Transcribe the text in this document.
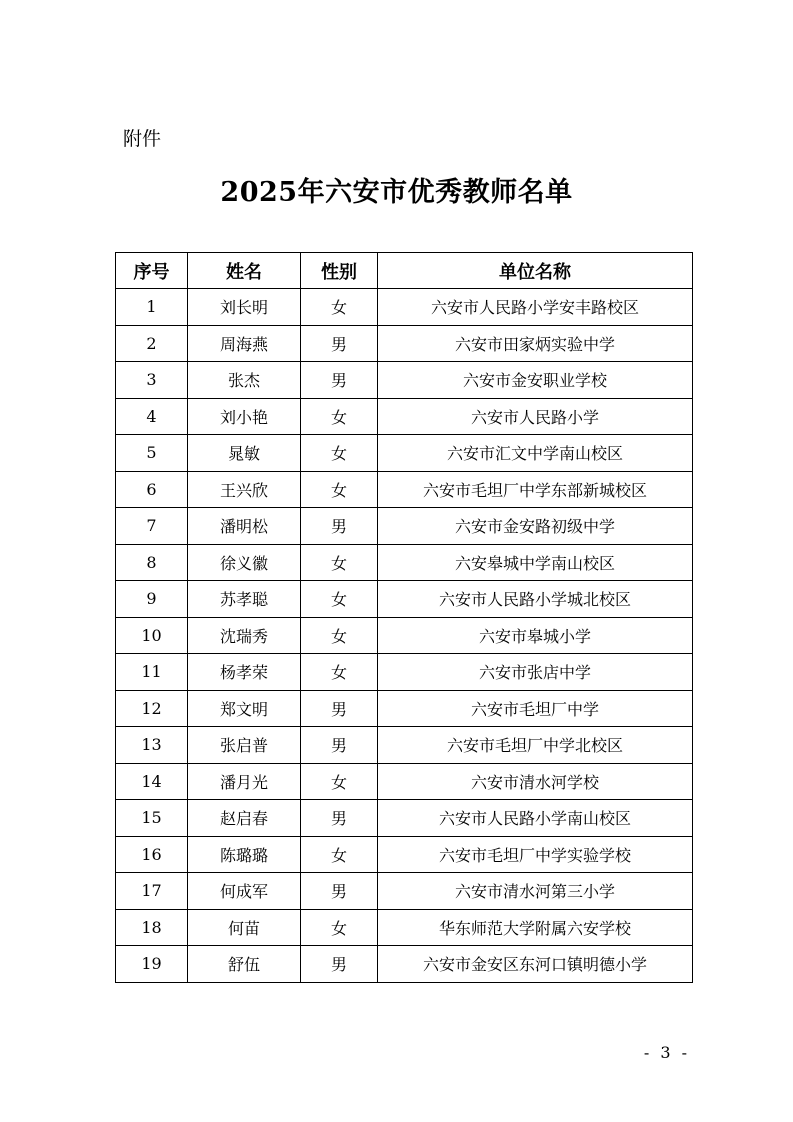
附件
2025年六安市优秀教师名单
序号	姓名	性别	单位名称
1	刘长明	女	六安市人民路小学安丰路校区
2	周海燕	男	六安市田家炳实验中学
3	张杰	男	六安市金安职业学校
4	刘小艳	女	六安市人民路小学
5	晁敏	女	六安市汇文中学南山校区
6	王兴欣	女	六安市毛坦厂中学东部新城校区
7	潘明松	男	六安市金安路初级中学
8	徐义徽	女	六安皋城中学南山校区
9	苏孝聪	女	六安市人民路小学城北校区
10	沈瑞秀	女	六安市皋城小学
11	杨孝荣	女	六安市张店中学
12	郑文明	男	六安市毛坦厂中学
13	张启普	男	六安市毛坦厂中学北校区
14	潘月光	女	六安市清水河学校
15	赵启春	男	六安市人民路小学南山校区
16	陈璐璐	女	六安市毛坦厂中学实验学校
17	何成军	男	六安市清水河第三小学
18	何苗	女	华东师范大学附属六安学校
19	舒伍	男	六安市金安区东河口镇明德小学
- 3 -
